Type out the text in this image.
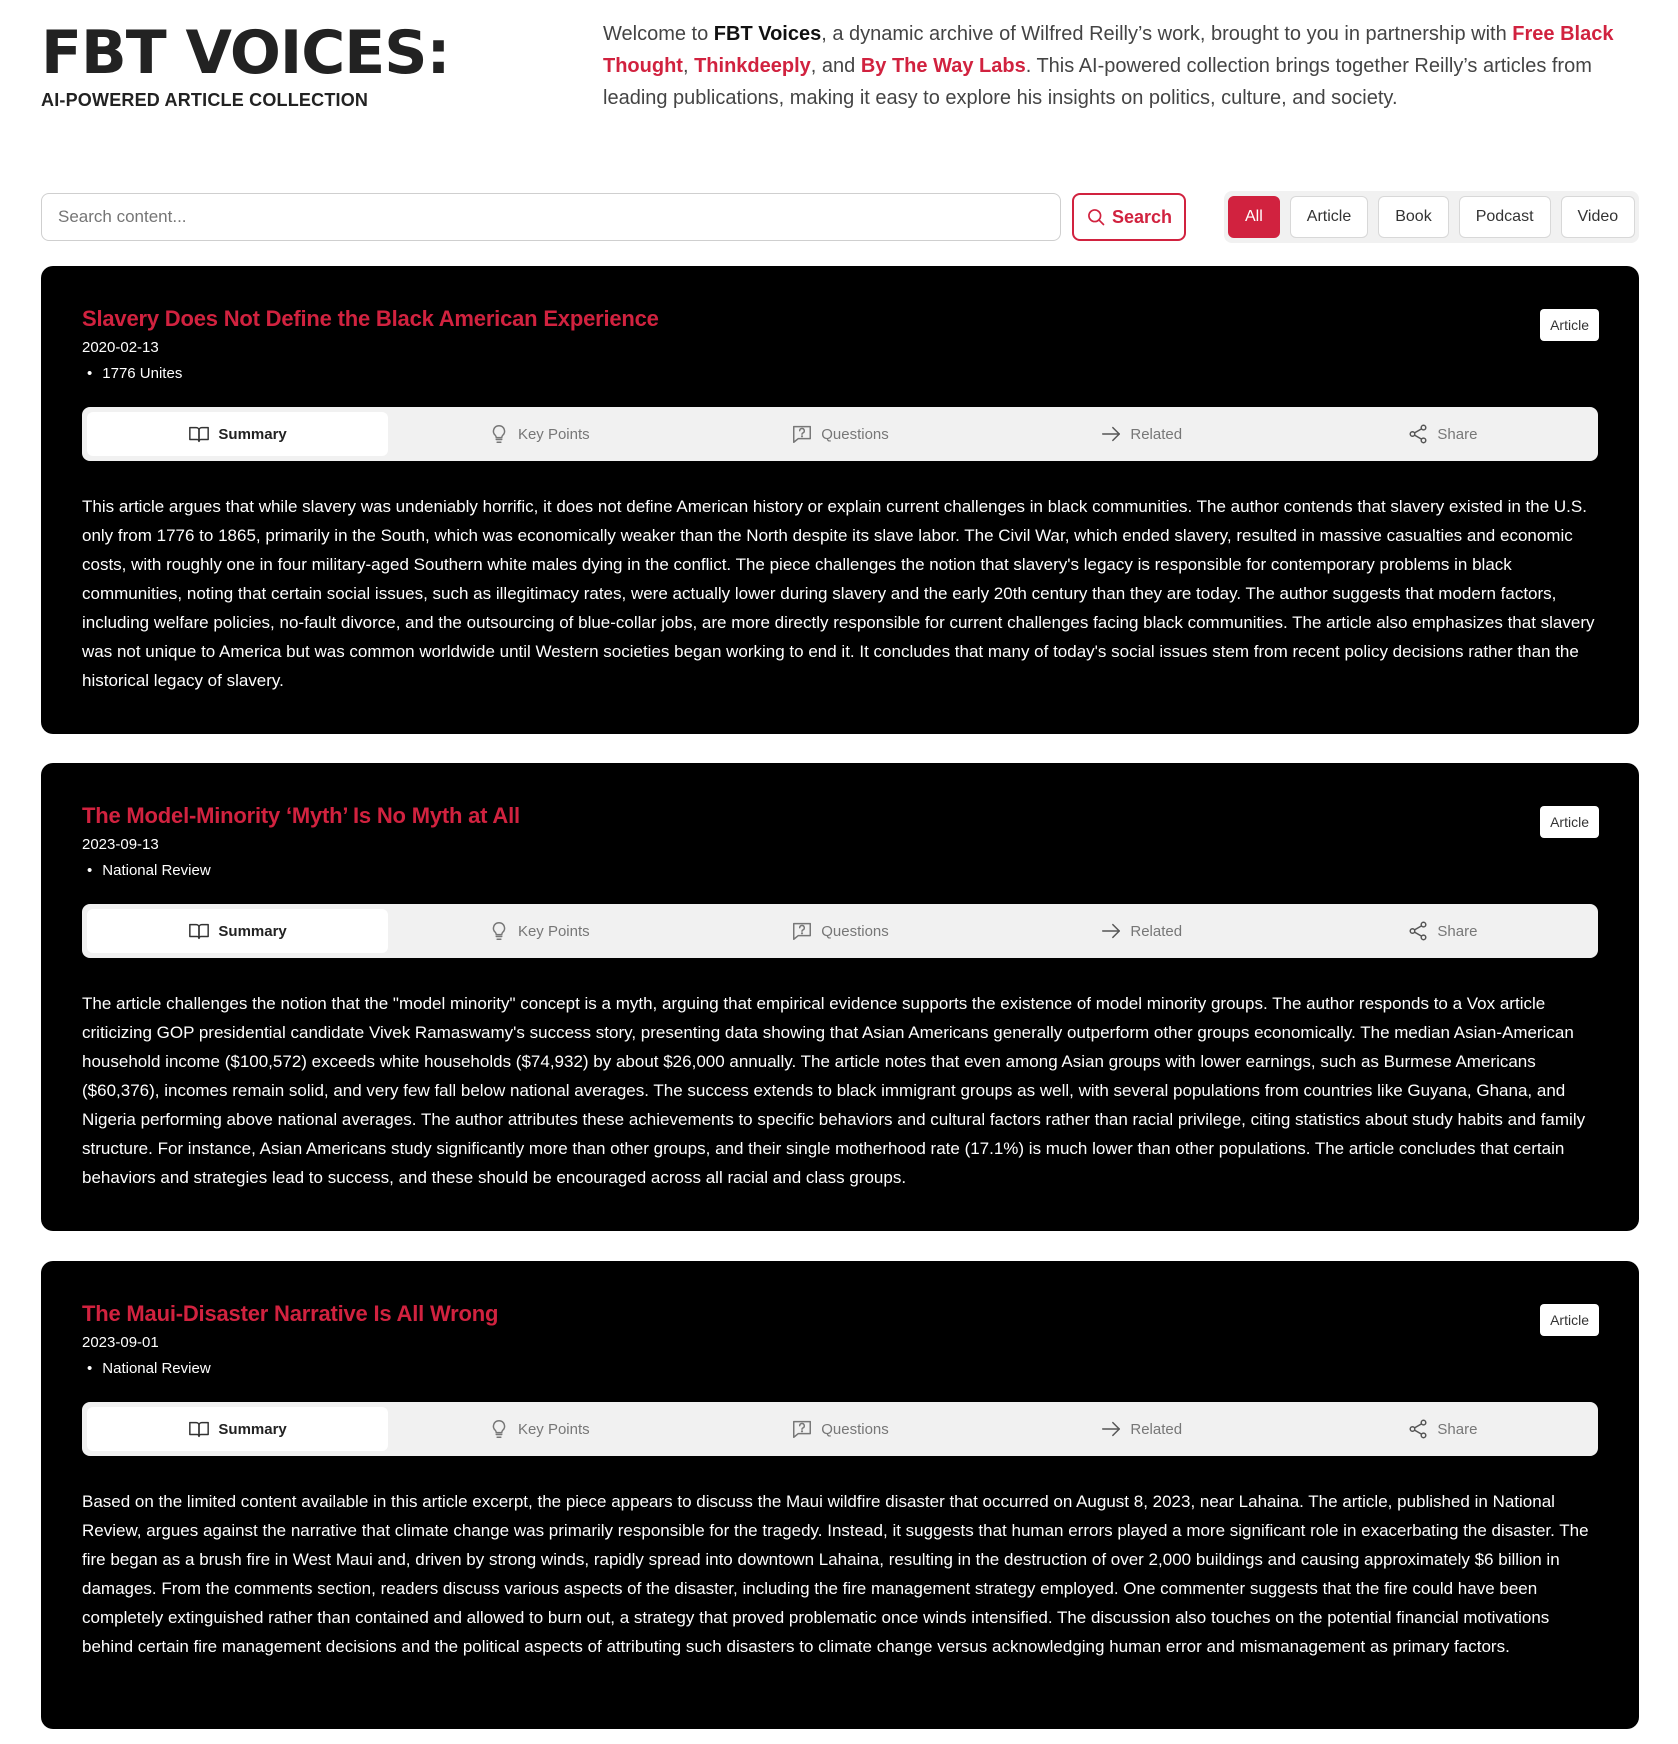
FBT VOICES:
AI-POWERED ARTICLE COLLECTION
Welcome to FBT Voices, a dynamic archive of Wilfred Reilly’s work, brought to you in partnership with Free Black Thought, Thinkdeeply, and By The Way Labs. This AI-powered collection brings together Reilly’s articles from leading publications, making it easy to explore his insights on politics, culture, and society.
Search content...
Search	All	Article	Book	Podcast	Video
Slavery Does Not Define the Black American Experience
2020-02-13
• 1776 Unites
Article
Summary	Key Points	Questions	Related	Share
This article argues that while slavery was undeniably horrific, it does not define American history or explain current challenges in black communities. The author contends that slavery existed in the U.S. only from 1776 to 1865, primarily in the South, which was economically weaker than the North despite its slave labor. The Civil War, which ended slavery, resulted in massive casualties and economic costs, with roughly one in four military-aged Southern white males dying in the conflict. The piece challenges the notion that slavery's legacy is responsible for contemporary problems in black communities, noting that certain social issues, such as illegitimacy rates, were actually lower during slavery and the early 20th century than they are today. The author suggests that modern factors, including welfare policies, no-fault divorce, and the outsourcing of blue-collar jobs, are more directly responsible for current challenges facing black communities. The article also emphasizes that slavery was not unique to America but was common worldwide until Western societies began working to end it. It concludes that many of today's social issues stem from recent policy decisions rather than the historical legacy of slavery.
The Model-Minority ‘Myth’ Is No Myth at All
2023-09-13
• National Review
Article
Summary	Key Points	Questions	Related	Share
The article challenges the notion that the "model minority" concept is a myth, arguing that empirical evidence supports the existence of model minority groups. The author responds to a Vox article criticizing GOP presidential candidate Vivek Ramaswamy's success story, presenting data showing that Asian Americans generally outperform other groups economically. The median Asian-American household income ($100,572) exceeds white households ($74,932) by about $26,000 annually. The article notes that even among Asian groups with lower earnings, such as Burmese Americans ($60,376), incomes remain solid, and very few fall below national averages. The success extends to black immigrant groups as well, with several populations from countries like Guyana, Ghana, and Nigeria performing above national averages. The author attributes these achievements to specific behaviors and cultural factors rather than racial privilege, citing statistics about study habits and family structure. For instance, Asian Americans study significantly more than other groups, and their single motherhood rate (17.1%) is much lower than other populations. The article concludes that certain behaviors and strategies lead to success, and these should be encouraged across all racial and class groups.
The Maui-Disaster Narrative Is All Wrong
2023-09-01
• National Review
Article
Summary	Key Points	Questions	Related	Share
Based on the limited content available in this article excerpt, the piece appears to discuss the Maui wildfire disaster that occurred on August 8, 2023, near Lahaina. The article, published in National Review, argues against the narrative that climate change was primarily responsible for the tragedy. Instead, it suggests that human errors played a more significant role in exacerbating the disaster. The fire began as a brush fire in West Maui and, driven by strong winds, rapidly spread into downtown Lahaina, resulting in the destruction of over 2,000 buildings and causing approximately $6 billion in damages. From the comments section, readers discuss various aspects of the disaster, including the fire management strategy employed. One commenter suggests that the fire could have been completely extinguished rather than contained and allowed to burn out, a strategy that proved problematic once winds intensified. The discussion also touches on the potential financial motivations behind certain fire management decisions and the political aspects of attributing such disasters to climate change versus acknowledging human error and mismanagement as primary factors.
